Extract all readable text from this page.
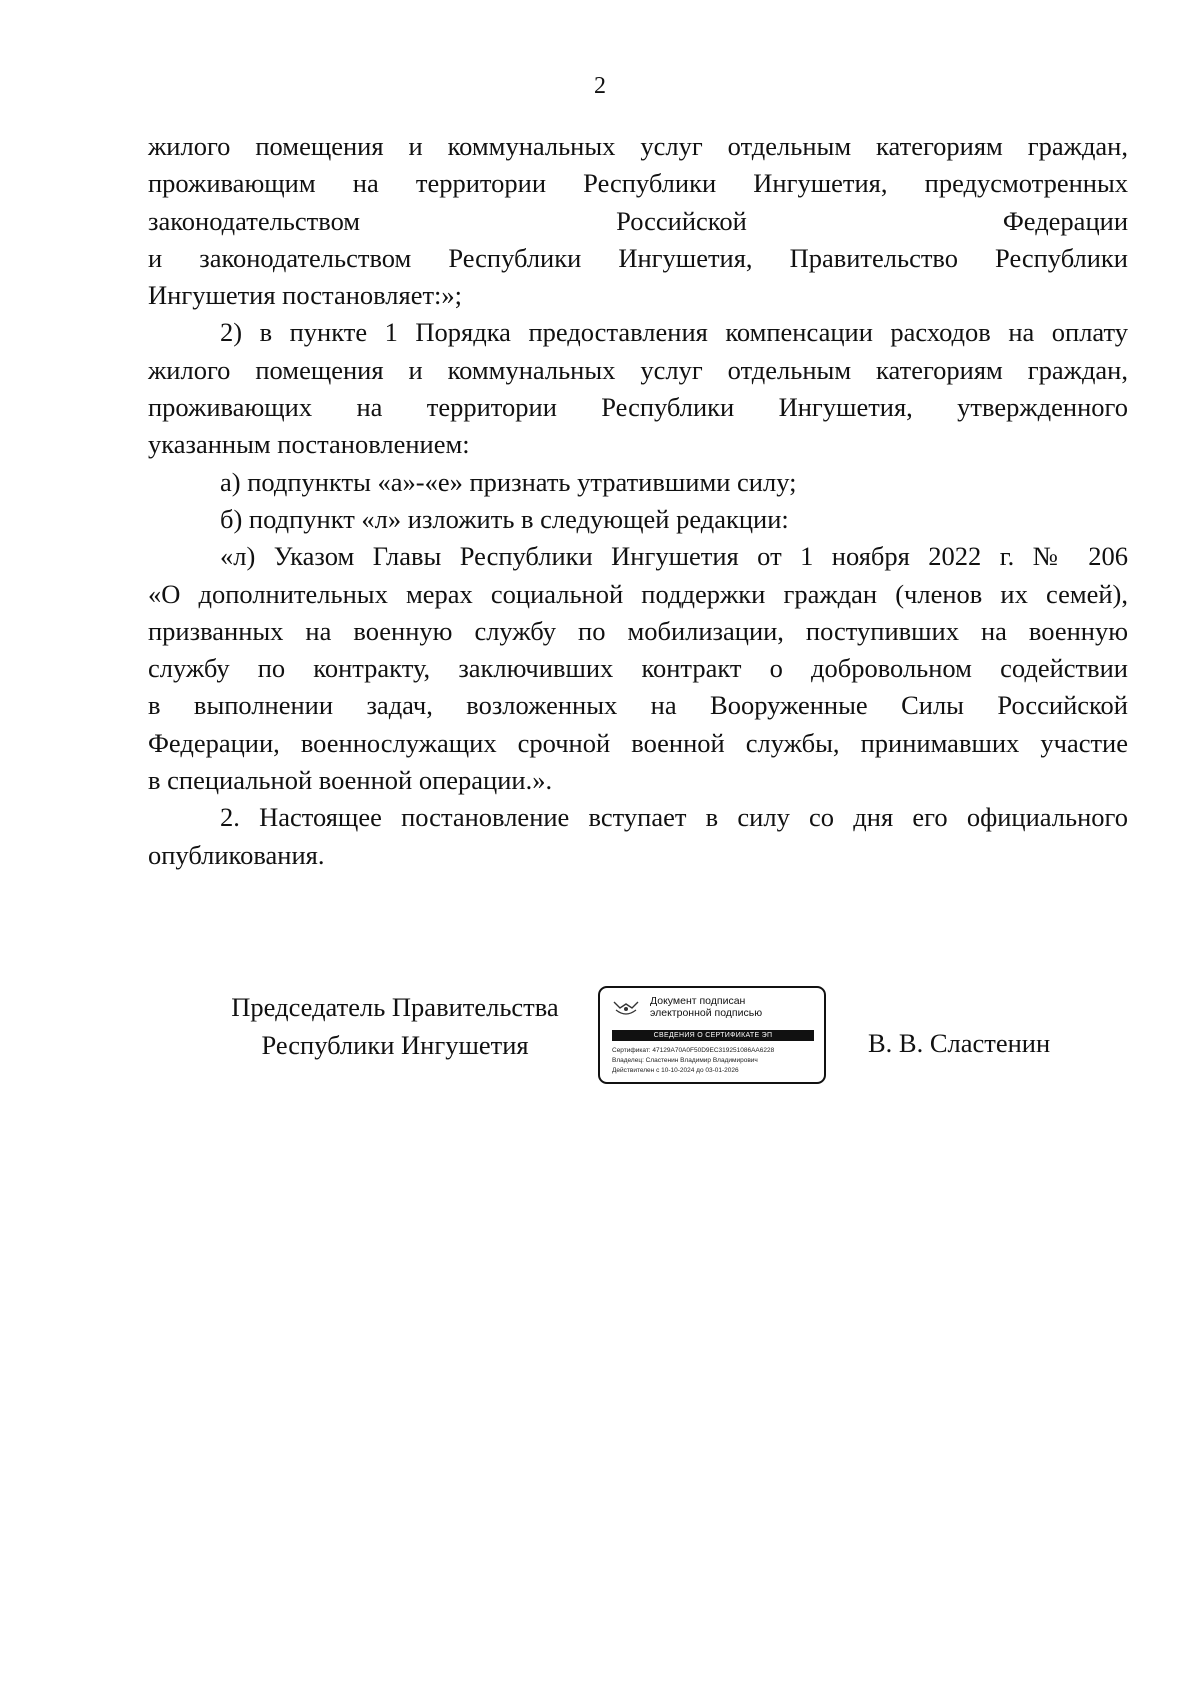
2
жилого помещения и коммунальных услуг отдельным категориям граждан,
проживающим на территории Республики Ингушетия, предусмотренных
законодательством	Российской	Федерации
и законодательством Республики Ингушетия, Правительство Республики
Ингушетия постановляет:»;
2) в пункте 1 Порядка предоставления компенсации расходов на оплату
жилого помещения и коммунальных услуг отдельным категориям граждан,
проживающих на территории Республики Ингушетия, утвержденного
указанным постановлением:
а) подпункты «а»-«е» признать утратившими силу;
б) подпункт «л» изложить в следующей редакции:
«л) Указом Главы Республики Ингушетия от 1 ноября 2022 г. № 206
«О дополнительных мерах социальной поддержки граждан (членов их семей),
призванных на военную службу по мобилизации, поступивших на военную
службу по контракту, заключивших контракт о добровольном содействии
в выполнении задач, возложенных на Вооруженные Силы Российской
Федерации, военнослужащих срочной военной службы, принимавших участие
в специальной военной операции.».
2. Настоящее постановление вступает в силу со дня его официального
опубликования.
Председатель Правительства
Республики Ингушетия
Документ подписан
электронной подписью
СВЕДЕНИЯ О СЕРТИФИКАТЕ ЭП
Сертификат: 47129A70A0F50D9EC319251086AA6228
Владелец: Сластенин Владимир Владимирович
Действителен с 10-10-2024 до 03-01-2026
В. В. Сластенин
